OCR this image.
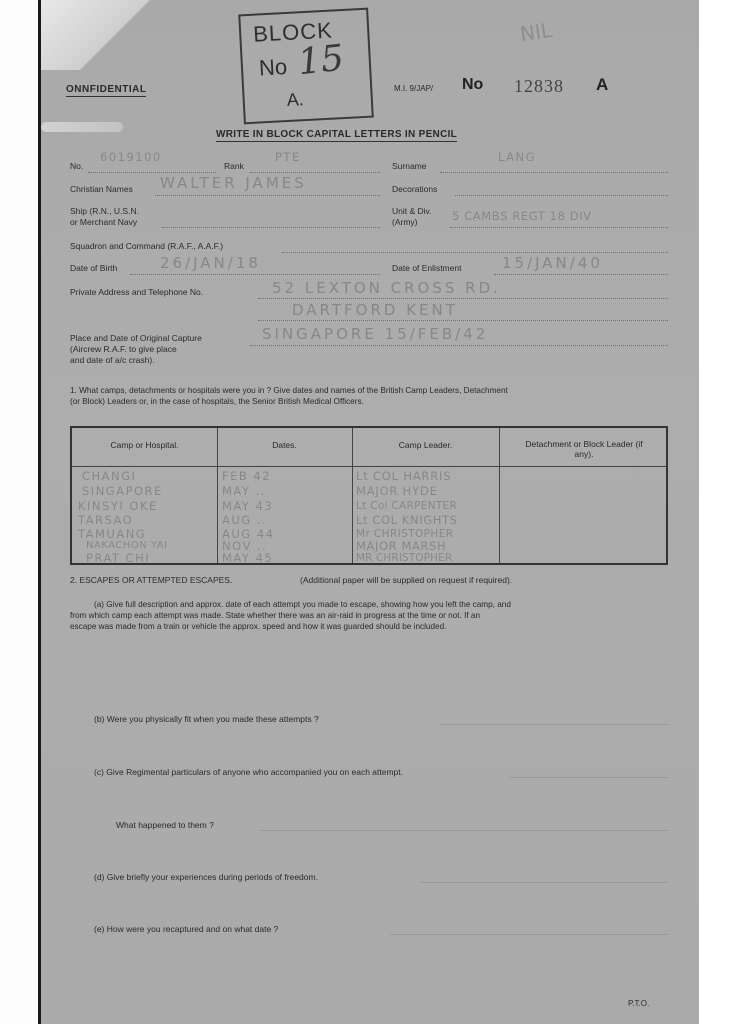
ONNFIDENTIAL
BLOCK
No
A.
15
NIL
M.I. 9/JAP/ No 12838 A
WRITE IN BLOCK CAPITAL LETTERS IN PENCIL
No.
6019100
Rank
PTE
Surname
LANG
Christian Names WALTER JAMES	Decorations
Ship (R.N., U.S.N.
or Merchant Navy
Unit & Div.
(Army)	5 CAMBS REGT 18 DIV
Squadron and Command (R.A.F., A.A.F.)
Date of Birth	26/JAN/18	Date of Enlistment	15/JAN/40
Private Address and Telephone No.	52 LEXTON CROSS RD.
DARTFORD KENT
Place and Date of Original Capture
(Aircrew R.A.F. to give place
and date of a/c crash).
SINGAPORE 15/FEB/42
1. What camps, detachments or hospitals were you in ? Give dates and names of the British Camp Leaders, Detachment
(or Block) Leaders or, in the case of hospitals, the Senior British Medical Officers.
Camp or Hospital.	Dates.	Camp Leader.	Detachment or Block Leader (if any).
CHANGI	FEB 42	Lt COL HARRIS
SINGAPORE	MAY ..	MAJOR HYDE
KINSYI OKE	MAY 43	Lt Col CARPENTER
TARSAO	AUG ..	Lt COL KNIGHTS
TAMUANG	AUG 44	Mr CHRISTOPHER
NAKACHON YAI	NOV ..	MAJOR MARSH
PRAT CHI	MAY 45	MR CHRISTOPHER
2. ESCAPES OR ATTEMPTED ESCAPES.	(Additional paper will be supplied on request if required).
(a) Give full description and approx. date of each attempt you made to escape, showing how you left the camp, and
from which camp each attempt was made. State whether there was an air-raid in progress at the time or not. If an
escape was made from a train or vehicle the approx. speed and how it was guarded should be included.
(b) Were you physically fit when you made these attempts ?
(c) Give Regimental particulars of anyone who accompanied you on each attempt.
What happened to them ?
(d) Give briefly your experiences during periods of freedom.
(e) How were you recaptured and on what date ?
P.T.O.
